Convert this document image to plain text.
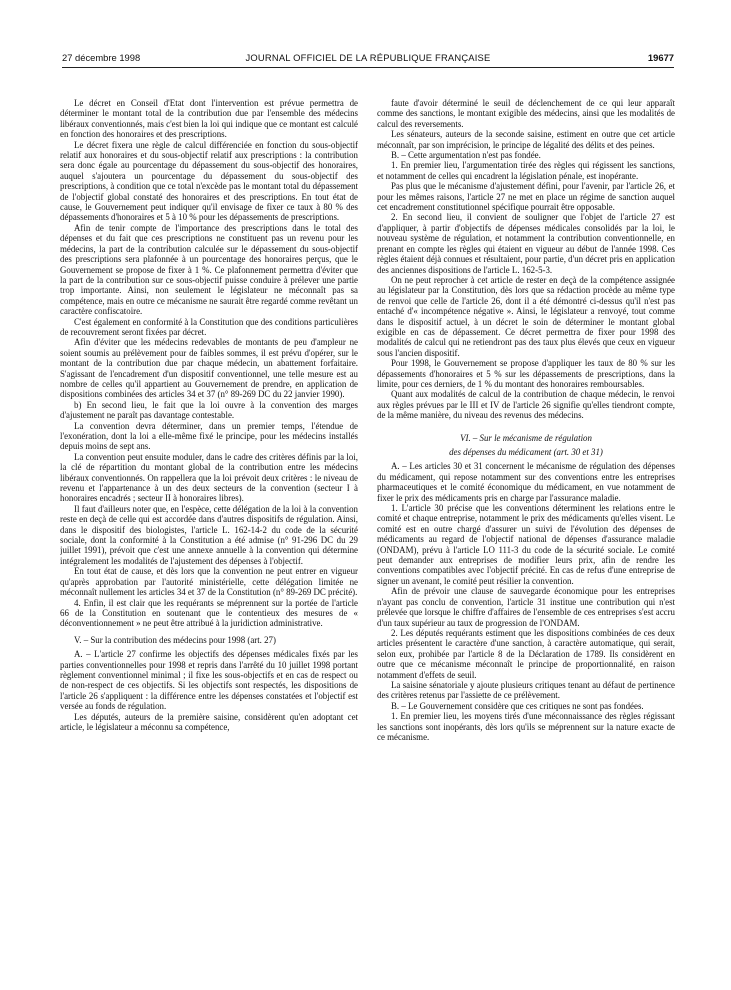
27 décembre 1998	JOURNAL OFFICIEL DE LA RÉPUBLIQUE FRANÇAISE	19677

Le décret en Conseil d'Etat dont l'intervention est prévue permettra de déterminer le montant total de la contribution due par l'ensemble des médecins libéraux conventionnés, mais c'est bien la loi qui indique que ce montant est calculé en fonction des honoraires et des prescriptions.

Le décret fixera une règle de calcul différenciée en fonction du sous-objectif relatif aux honoraires et du sous-objectif relatif aux prescriptions : la contribution sera donc égale au pourcentage du dépassement du sous-objectif des honoraires, auquel s'ajoutera un pourcentage du dépassement du sous-objectif des prescriptions, à condition que ce total n'excède pas le montant total du dépassement de l'objectif global constaté des honoraires et des prescriptions. En tout état de cause, le Gouvernement peut indiquer qu'il envisage de fixer ce taux à 80 % des dépassements d'honoraires et 5 à 10 % pour les dépassements de prescriptions.

Afin de tenir compte de l'importance des prescriptions dans le total des dépenses et du fait que ces prescriptions ne constituent pas un revenu pour les médecins, la part de la contribution calculée sur le dépassement du sous-objectif des prescriptions sera plafonnée à un pourcentage des honoraires perçus, que le Gouvernement se propose de fixer à 1 %. Ce plafonnement permettra d'éviter que la part de la contribution sur ce sous-objectif puisse conduire à prélever une partie trop importante. Ainsi, non seulement le législateur ne méconnaît pas sa compétence, mais en outre ce mécanisme ne saurait être regardé comme revêtant un caractère confiscatoire.

C'est également en conformité à la Constitution que des conditions particulières de recouvrement seront fixées par décret.

Afin d'éviter que les médecins redevables de montants de peu d'ampleur ne soient soumis au prélèvement pour de faibles sommes, il est prévu d'opérer, sur le montant de la contribution due par chaque médecin, un abattement forfaitaire. S'agissant de l'encadrement d'un dispositif conventionnel, une telle mesure est au nombre de celles qu'il appartient au Gouvernement de prendre, en application de dispositions combinées des articles 34 et 37 (n° 89-269 DC du 22 janvier 1990).

b) En second lieu, le fait que la loi ouvre à la convention des marges d'ajustement ne paraît pas davantage contestable.

La convention devra déterminer, dans un premier temps, l'étendue de l'exonération, dont la loi a elle-même fixé le principe, pour les médecins installés depuis moins de sept ans.

La convention peut ensuite moduler, dans le cadre des critères définis par la loi, la clé de répartition du montant global de la contribution entre les médecins libéraux conventionnés. On rappellera que la loi prévoit deux critères : le niveau de revenu et l'appartenance à un des deux secteurs de la convention (secteur I à honoraires encadrés ; secteur II à honoraires libres).

Il faut d'ailleurs noter que, en l'espèce, cette délégation de la loi à la convention reste en deçà de celle qui est accordée dans d'autres dispositifs de régulation. Ainsi, dans le dispositif des biologistes, l'article L. 162-14-2 du code de la sécurité sociale, dont la conformité à la Constitution a été admise (n° 91-296 DC du 29 juillet 1991), prévoit que c'est une annexe annuelle à la convention qui détermine intégralement les modalités de l'ajustement des dépenses à l'objectif.

En tout état de cause, et dès lors que la convention ne peut entrer en vigueur qu'après approbation par l'autorité ministérielle, cette délégation limitée ne méconnaît nullement les articles 34 et 37 de la Constitution (n° 89-269 DC précité).

4. Enfin, il est clair que les requérants se méprennent sur la portée de l'article 66 de la Constitution en soutenant que le contentieux des mesures de « déconventionnement » ne peut être attribué à la juridiction administrative.

V. – Sur la contribution des médecins pour 1998 (art. 27)

A. – L'article 27 confirme les objectifs des dépenses médicales fixés par les parties conventionnelles pour 1998 et repris dans l'arrêté du 10 juillet 1998 portant règlement conventionnel minimal ; il fixe les sous-objectifs et en cas de respect ou de non-respect de ces objectifs. Si les objectifs sont respectés, les dispositions de l'article 26 s'appliquent : la différence entre les dépenses constatées et l'objectif est versée au fonds de régulation.

Les députés, auteurs de la première saisine, considèrent qu'en adoptant cet article, le législateur a méconnu sa compétence,

faute d'avoir déterminé le seuil de déclenchement de ce qui leur apparaît comme des sanctions, le montant exigible des médecins, ainsi que les modalités de calcul des reversements.

Les sénateurs, auteurs de la seconde saisine, estiment en outre que cet article méconnaît, par son imprécision, le principe de légalité des délits et des peines.

B. – Cette argumentation n'est pas fondée.

1. En premier lieu, l'argumentation tirée des règles qui régissent les sanctions, et notamment de celles qui encadrent la législation pénale, est inopérante.

Pas plus que le mécanisme d'ajustement défini, pour l'avenir, par l'article 26, et pour les mêmes raisons, l'article 27 ne met en place un régime de sanction auquel cet encadrement constitutionnel spécifique pourrait être opposable.

2. En second lieu, il convient de souligner que l'objet de l'article 27 est d'appliquer, à partir d'objectifs de dépenses médicales consolidés par la loi, le nouveau système de régulation, et notamment la contribution conventionnelle, en prenant en compte les règles qui étaient en vigueur au début de l'année 1998. Ces règles étaient déjà connues et résultaient, pour partie, d'un décret pris en application des anciennes dispositions de l'article L. 162-5-3.

On ne peut reprocher à cet article de rester en deçà de la compétence assignée au législateur par la Constitution, dès lors que sa rédaction procède au même type de renvoi que celle de l'article 26, dont il a été démontré ci-dessus qu'il n'est pas entaché d'« incompétence négative ». Ainsi, le législateur a renvoyé, tout comme dans le dispositif actuel, à un décret le soin de déterminer le montant global exigible en cas de dépassement. Ce décret permettra de fixer pour 1998 des modalités de calcul qui ne retiendront pas des taux plus élevés que ceux en vigueur sous l'ancien dispositif.

Pour 1998, le Gouvernement se propose d'appliquer les taux de 80 % sur les dépassements d'honoraires et 5 % sur les dépassements de prescriptions, dans la limite, pour ces derniers, de 1 % du montant des honoraires remboursables.

Quant aux modalités de calcul de la contribution de chaque médecin, le renvoi aux règles prévues par le III et IV de l'article 26 signifie qu'elles tiendront compte, de la même manière, du niveau des revenus des médecins.

VI. – Sur le mécanisme de régulation

des dépenses du médicament (art. 30 et 31)

A. – Les articles 30 et 31 concernent le mécanisme de régulation des dépenses du médicament, qui repose notamment sur des conventions entre les entreprises pharmaceutiques et le comité économique du médicament, en vue notamment de fixer le prix des médicaments pris en charge par l'assurance maladie.

1. L'article 30 précise que les conventions déterminent les relations entre le comité et chaque entreprise, notamment le prix des médicaments qu'elles visent. Le comité est en outre chargé d'assurer un suivi de l'évolution des dépenses de médicaments au regard de l'objectif national de dépenses d'assurance maladie (ONDAM), prévu à l'article LO 111-3 du code de la sécurité sociale. Le comité peut demander aux entreprises de modifier leurs prix, afin de rendre les conventions compatibles avec l'objectif précité. En cas de refus d'une entreprise de signer un avenant, le comité peut résilier la convention.

Afin de prévoir une clause de sauvegarde économique pour les entreprises n'ayant pas conclu de convention, l'article 31 institue une contribution qui n'est prélevée que lorsque le chiffre d'affaires de l'ensemble de ces entreprises s'est accru d'un taux supérieur au taux de progression de l'ONDAM.

2. Les députés requérants estiment que les dispositions combinées de ces deux articles présentent le caractère d'une sanction, à caractère automatique, qui serait, selon eux, prohibée par l'article 8 de la Déclaration de 1789. Ils considèrent en outre que ce mécanisme méconnaît le principe de proportionnalité, en raison notamment d'effets de seuil.

La saisine sénatoriale y ajoute plusieurs critiques tenant au défaut de pertinence des critères retenus par l'assiette de ce prélèvement.

B. – Le Gouvernement considère que ces critiques ne sont pas fondées.

1. En premier lieu, les moyens tirés d'une méconnaissance des règles régissant les sanctions sont inopérants, dès lors qu'ils se méprennent sur la nature exacte de ce mécanisme.
